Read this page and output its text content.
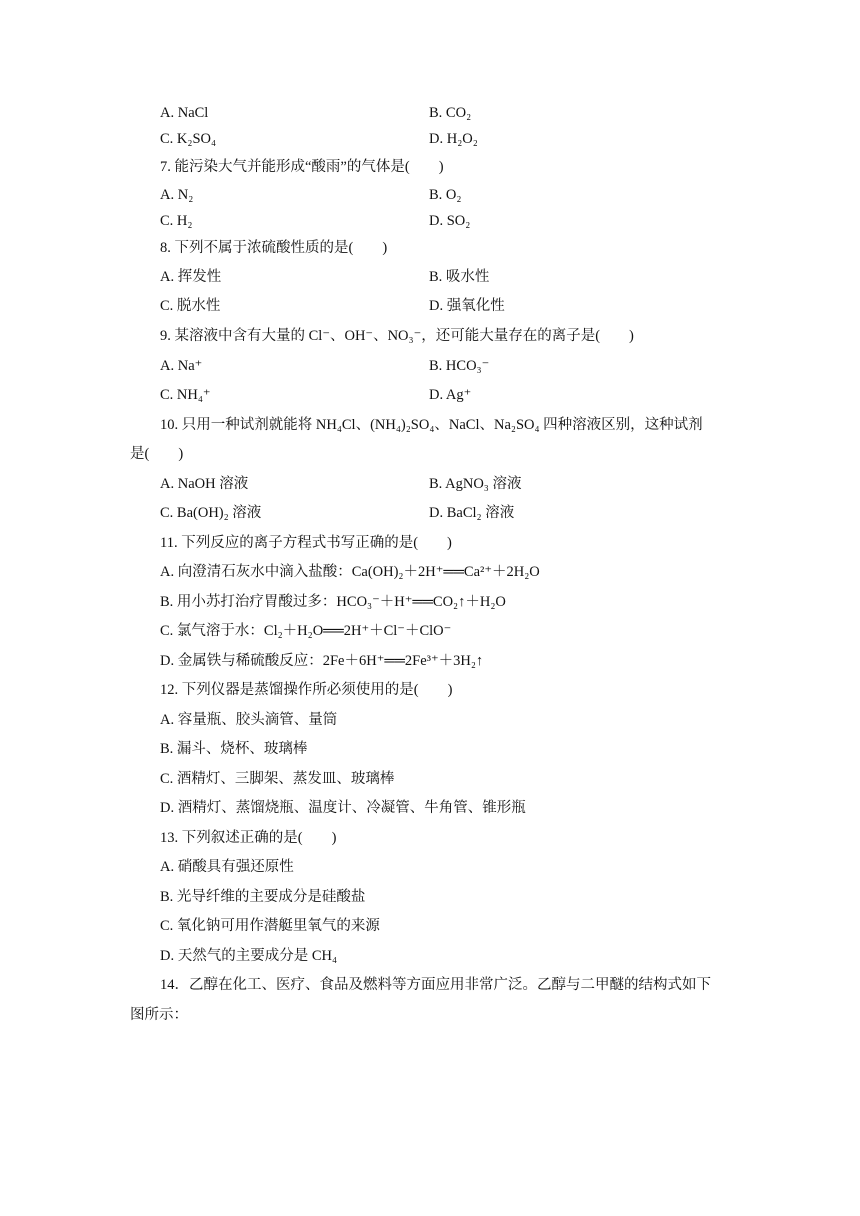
A. NaCl	B. CO₂
C. K₂SO₄	D. H₂O₂
7. 能污染大气并能形成“酸雨”的气体是(　　)
A. N₂	B. O₂
C. H₂	D. SO₂
8. 下列不属于浓硫酸性质的是(　　)
A. 挥发性	B. 吸水性
C. 脱水性	D. 强氧化性
9. 某溶液中含有大量的 Cl⁻、OH⁻、NO₃⁻，还可能大量存在的离子是(　　)
A. Na⁺	B. HCO₃⁻
C. NH₄⁺	D. Ag⁺
10. 只用一种试剂就能将 NH₄Cl、(NH₄)₂SO₄、NaCl、Na₂SO₄ 四种溶液区别，这种试剂
是(　　)
A. NaOH 溶液	B. AgNO₃ 溶液
C. Ba(OH)₂ 溶液	D. BaCl₂ 溶液
11. 下列反应的离子方程式书写正确的是(　　)
A. 向澄清石灰水中滴入盐酸：Ca(OH)₂＋2H⁺══Ca²⁺＋2H₂O
B. 用小苏打治疗胃酸过多：HCO₃⁻＋H⁺══CO₂↑＋H₂O
C. 氯气溶于水：Cl₂＋H₂O══2H⁺＋Cl⁻＋ClO⁻
D. 金属铁与稀硫酸反应：2Fe＋6H⁺══2Fe³⁺＋3H₂↑
12. 下列仪器是蒸馏操作所必须使用的是(　　)
A. 容量瓶、胶头滴管、量筒
B. 漏斗、烧杯、玻璃棒
C. 酒精灯、三脚架、蒸发皿、玻璃棒
D. 酒精灯、蒸馏烧瓶、温度计、冷凝管、牛角管、锥形瓶
13. 下列叙述正确的是(　　)
A. 硝酸具有强还原性
B. 光导纤维的主要成分是硅酸盐
C. 氧化钠可用作潜艇里氧气的来源
D. 天然气的主要成分是 CH₄
14．乙醇在化工、医疗、食品及燃料等方面应用非常广泛。乙醇与二甲醚的结构式如下
图所示：
